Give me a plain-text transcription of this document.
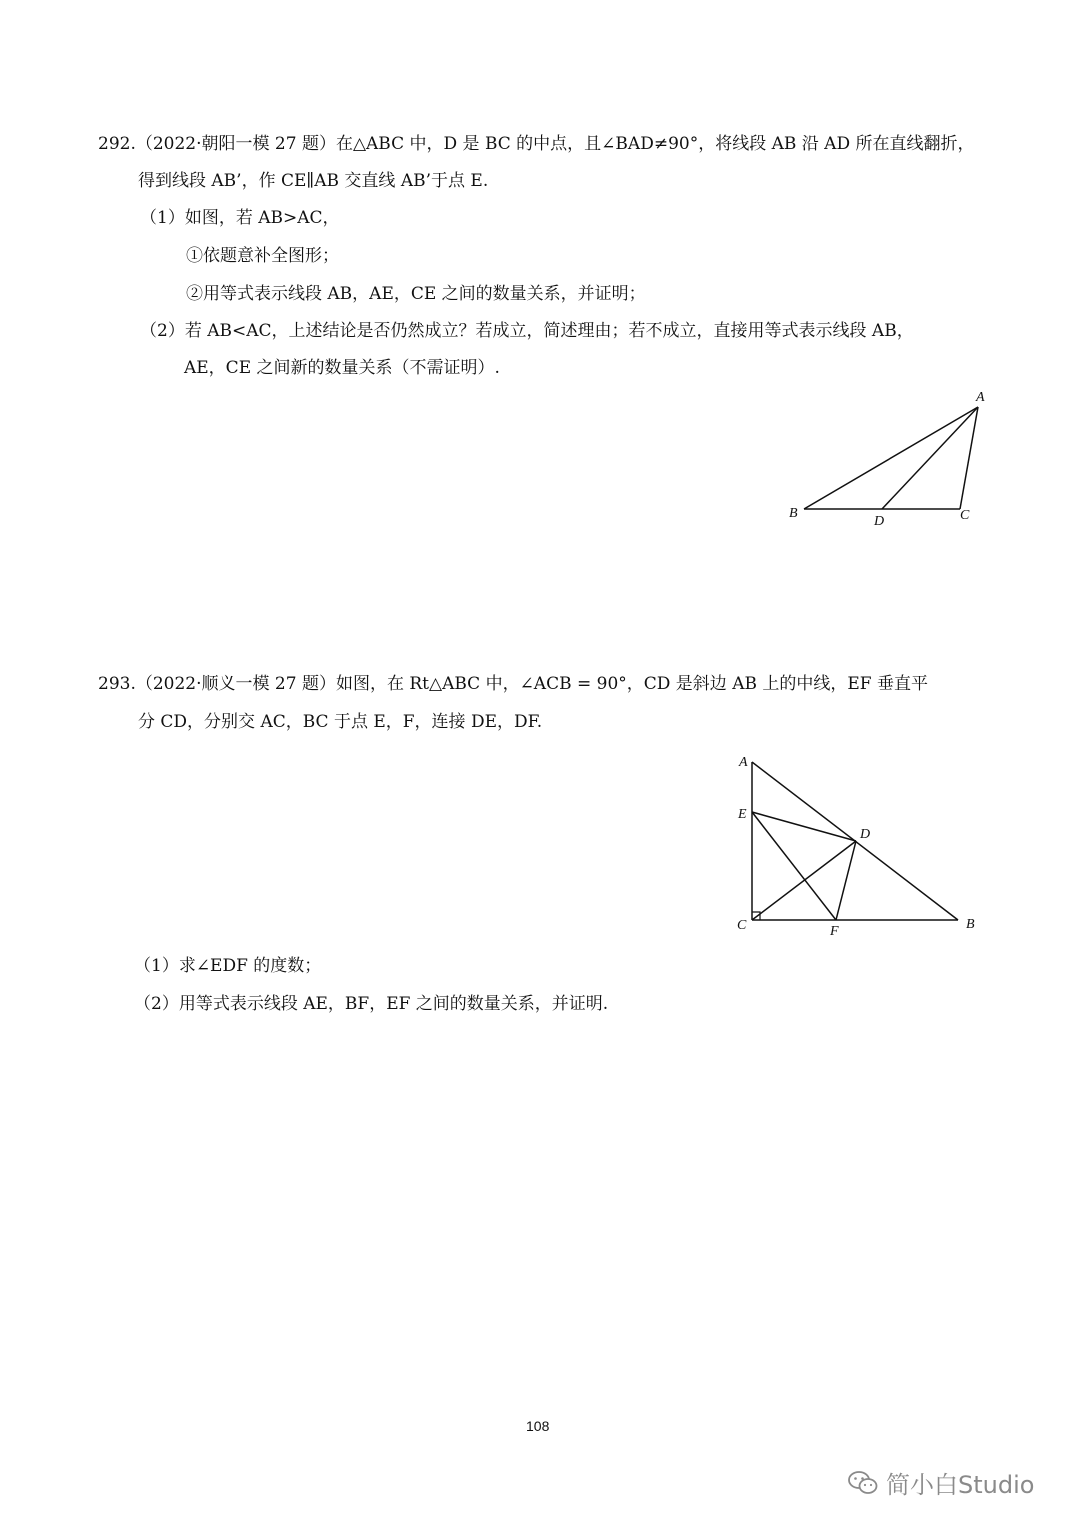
292.（2022·朝阳一模 27 题）在△ABC 中，D 是 BC 的中点，且∠BAD≠90°，将线段 AB 沿 AD 所在直线翻折，
得到线段 AB’，作 CE∥AB 交直线 AB’于点 E.
（1）如图，若 AB>AC，
①依题意补全图形；
②用等式表示线段 AB，AE，CE 之间的数量关系，并证明；
（2）若 AB<AC，上述结论是否仍然成立？若成立，简述理由；若不成立，直接用等式表示线段 AB，
AE，CE 之间新的数量关系（不需证明）.
A
B	C
D
293.（2022·顺义一模 27 题）如图，在 Rt△ABC 中，∠ACB = 90°，CD 是斜边 AB 上的中线，EF 垂直平
分 CD，分别交 AC，BC 于点 E，F，连接 DE，DF.
A
E
D
C	F	B
（1）求∠EDF 的度数；
（2）用等式表示线段 AE，BF，EF 之间的数量关系，并证明.
108
简小白Studio
